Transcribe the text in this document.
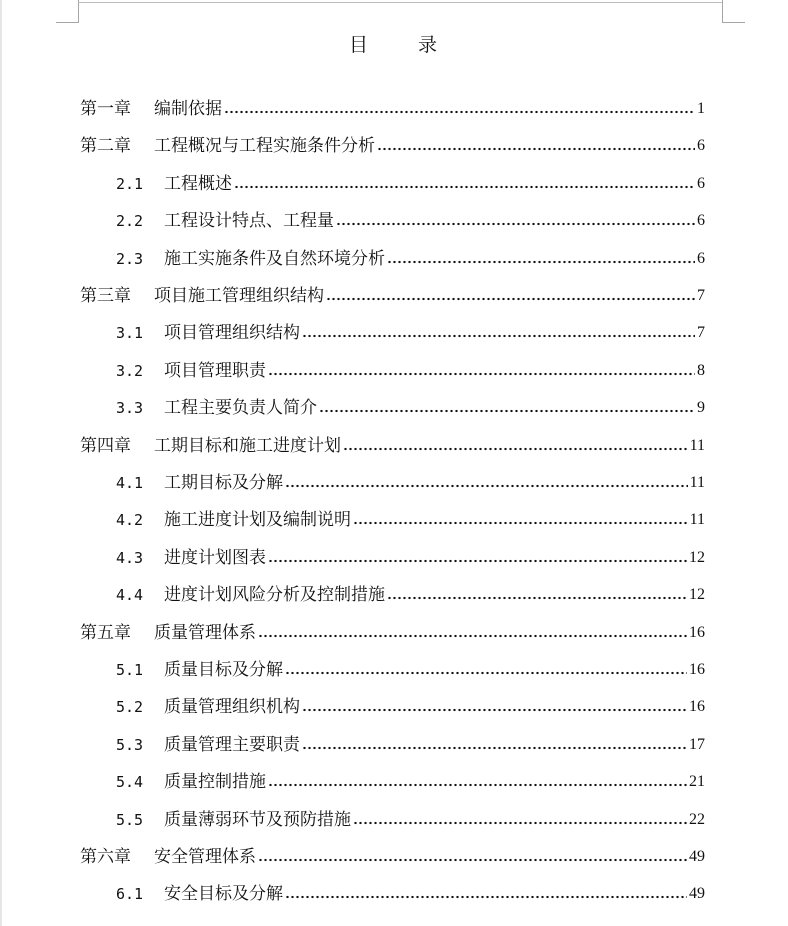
目	录
第一章	编制依据	1
第二章	工程概况与工程实施条件分析	6
2.1	工程概述	6
2.2	工程设计特点、工程量	6
2.3	施工实施条件及自然环境分析	6
第三章	项目施工管理组织结构	7
3.1	项目管理组织结构	7
3.2	项目管理职责	8
3.3	工程主要负责人简介	9
第四章	工期目标和施工进度计划	11
4.1	工期目标及分解	11
4.2	施工进度计划及编制说明	11
4.3	进度计划图表	12
4.4	进度计划风险分析及控制措施	12
第五章	质量管理体系	16
5.1	质量目标及分解	16
5.2	质量管理组织机构	16
5.3	质量管理主要职责	17
5.4	质量控制措施	21
5.5	质量薄弱环节及预防措施	22
第六章	安全管理体系	49
6.1	安全目标及分解	49
